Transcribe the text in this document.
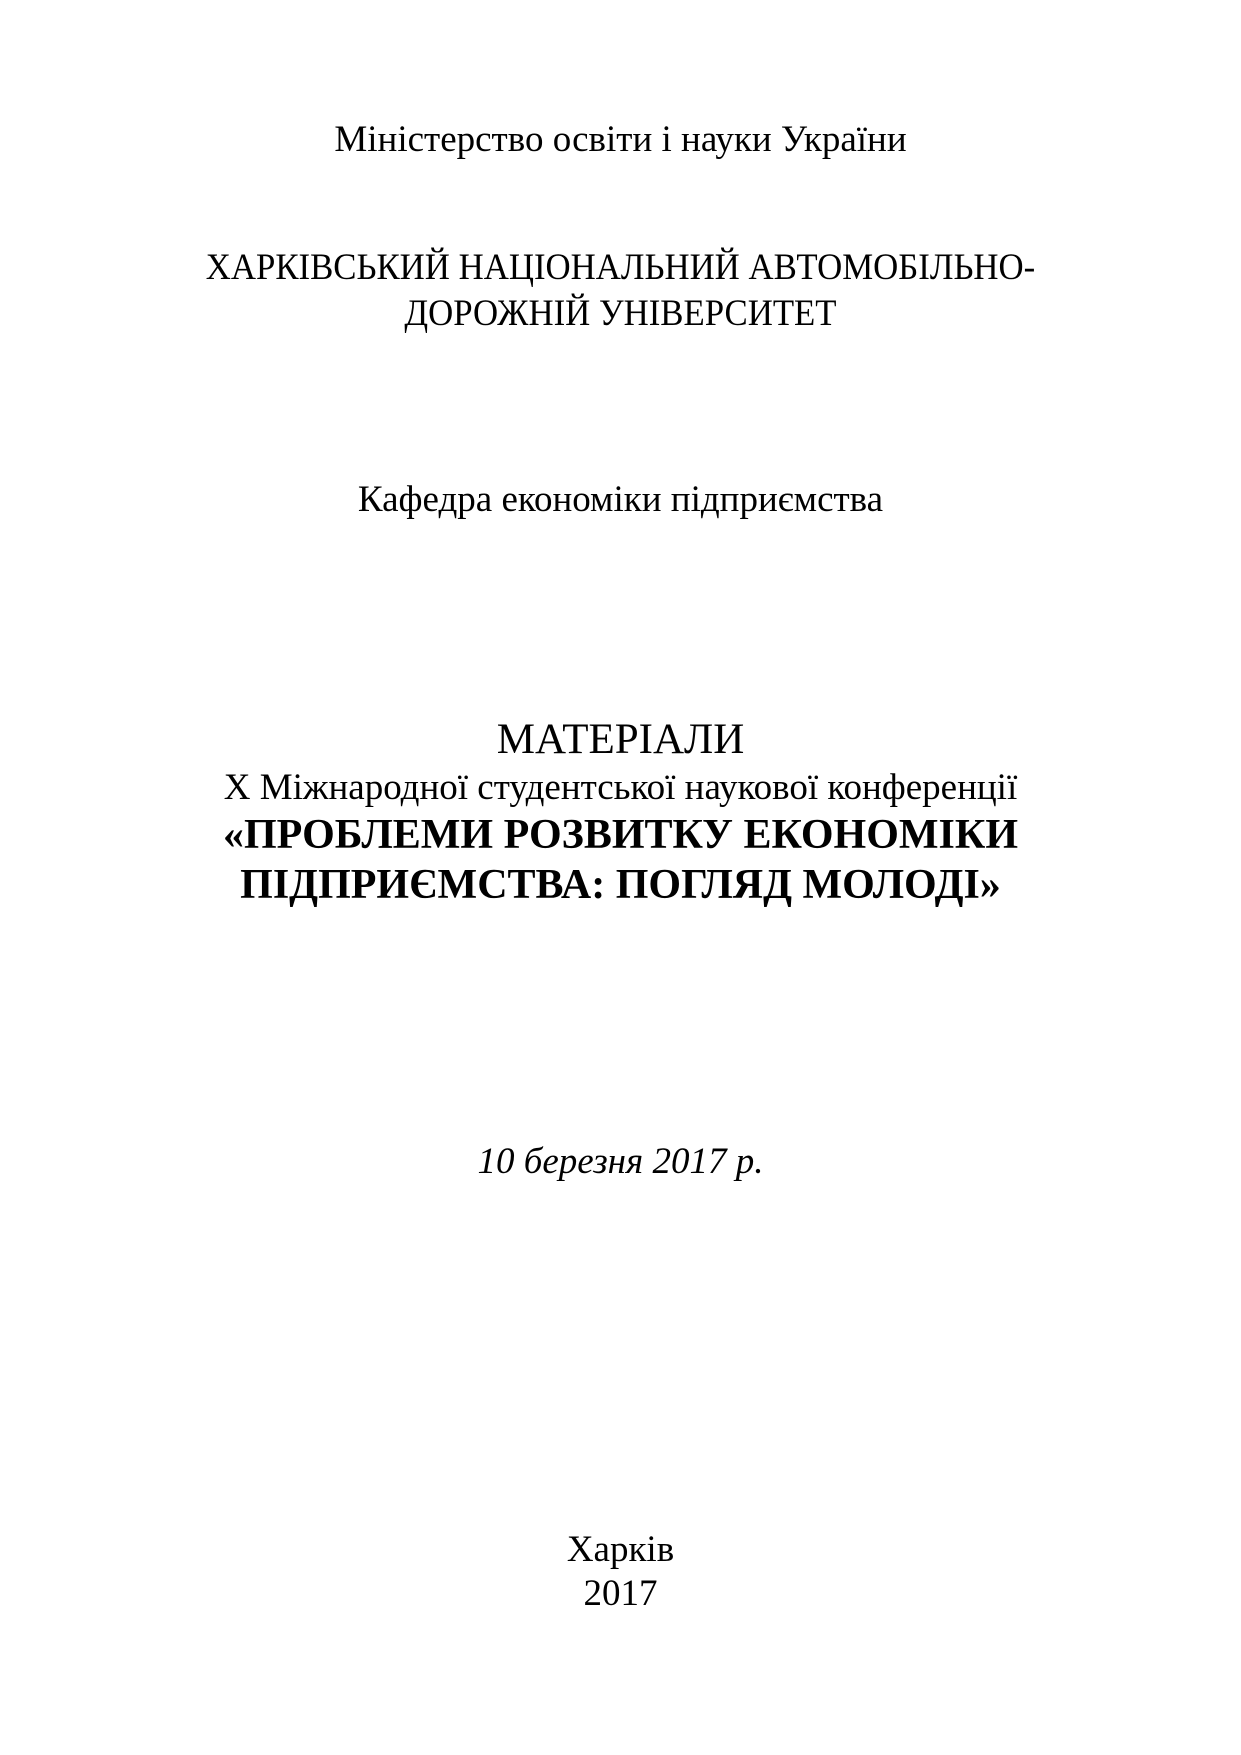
Міністерство освіти і науки України
ХАРКІВСЬКИЙ НАЦІОНАЛЬНИЙ АВТОМОБІЛЬНО-
ДОРОЖНІЙ УНІВЕРСИТЕТ
Кафедра економіки підприємства
МАТЕРІАЛИ
X Міжнародної студентської наукової конференції
«ПРОБЛЕМИ РОЗВИТКУ ЕКОНОМІКИ
ПІДПРИЄМСТВА: ПОГЛЯД МОЛОДІ»
10 березня 2017 р.
Харків
2017
